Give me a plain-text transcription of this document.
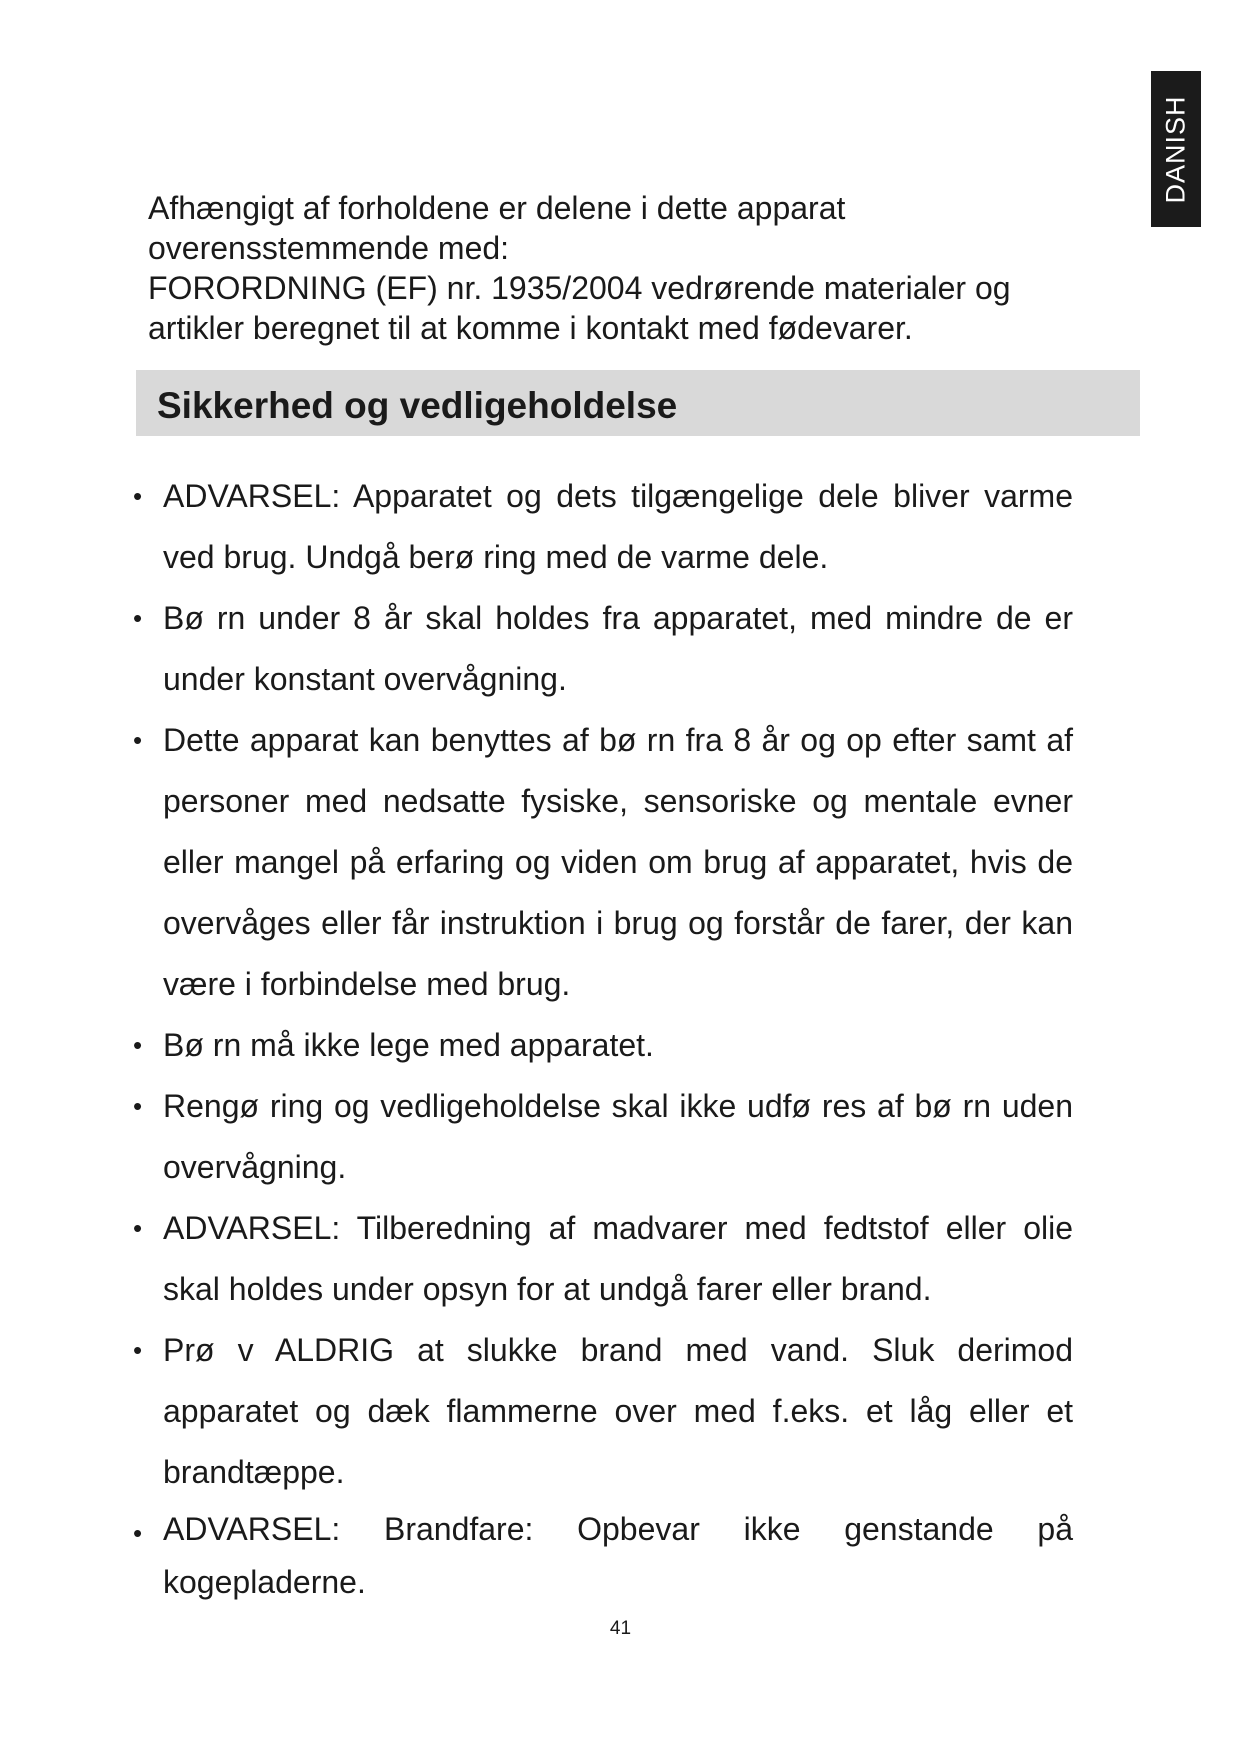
DANISH

Afhængigt af forholdene er delene i dette apparat overensstemmende med:

FORORDNING (EF) nr. 1935/2004 vedrørende materialer og artikler beregnet til at komme i kontakt med fødevarer.

Sikkerhed og vedligeholdelse
• ADVARSEL: Apparatet og dets tilgængelige dele bliver varme ved brug. Undgå berø ring med de varme dele.
• Bø rn under 8 år skal holdes fra apparatet, med mindre de er under konstant overvågning.
• Dette apparat kan benyttes af bø rn fra 8 år og op efter samt af personer med nedsatte fysiske, sensoriske og mentale evner eller mangel på erfaring og viden om brug af apparatet, hvis de overvåges eller får instruktion i brug og forstår de farer, der kan være i forbindelse med brug.
• Bø rn må ikke lege med apparatet.
• Rengø ring og vedligeholdelse skal ikke udfø res af bø rn uden overvågning.
• ADVARSEL: Tilberedning af madvarer med fedtstof eller olie skal holdes under opsyn for at undgå farer eller brand.
• Prø v ALDRIG at slukke brand med vand. Sluk derimod apparatet og dæk flammerne over med f.eks. et låg eller et brandtæppe.
• ADVARSEL: Brandfare: Opbevar ikke genstande på kogepladerne.
41
